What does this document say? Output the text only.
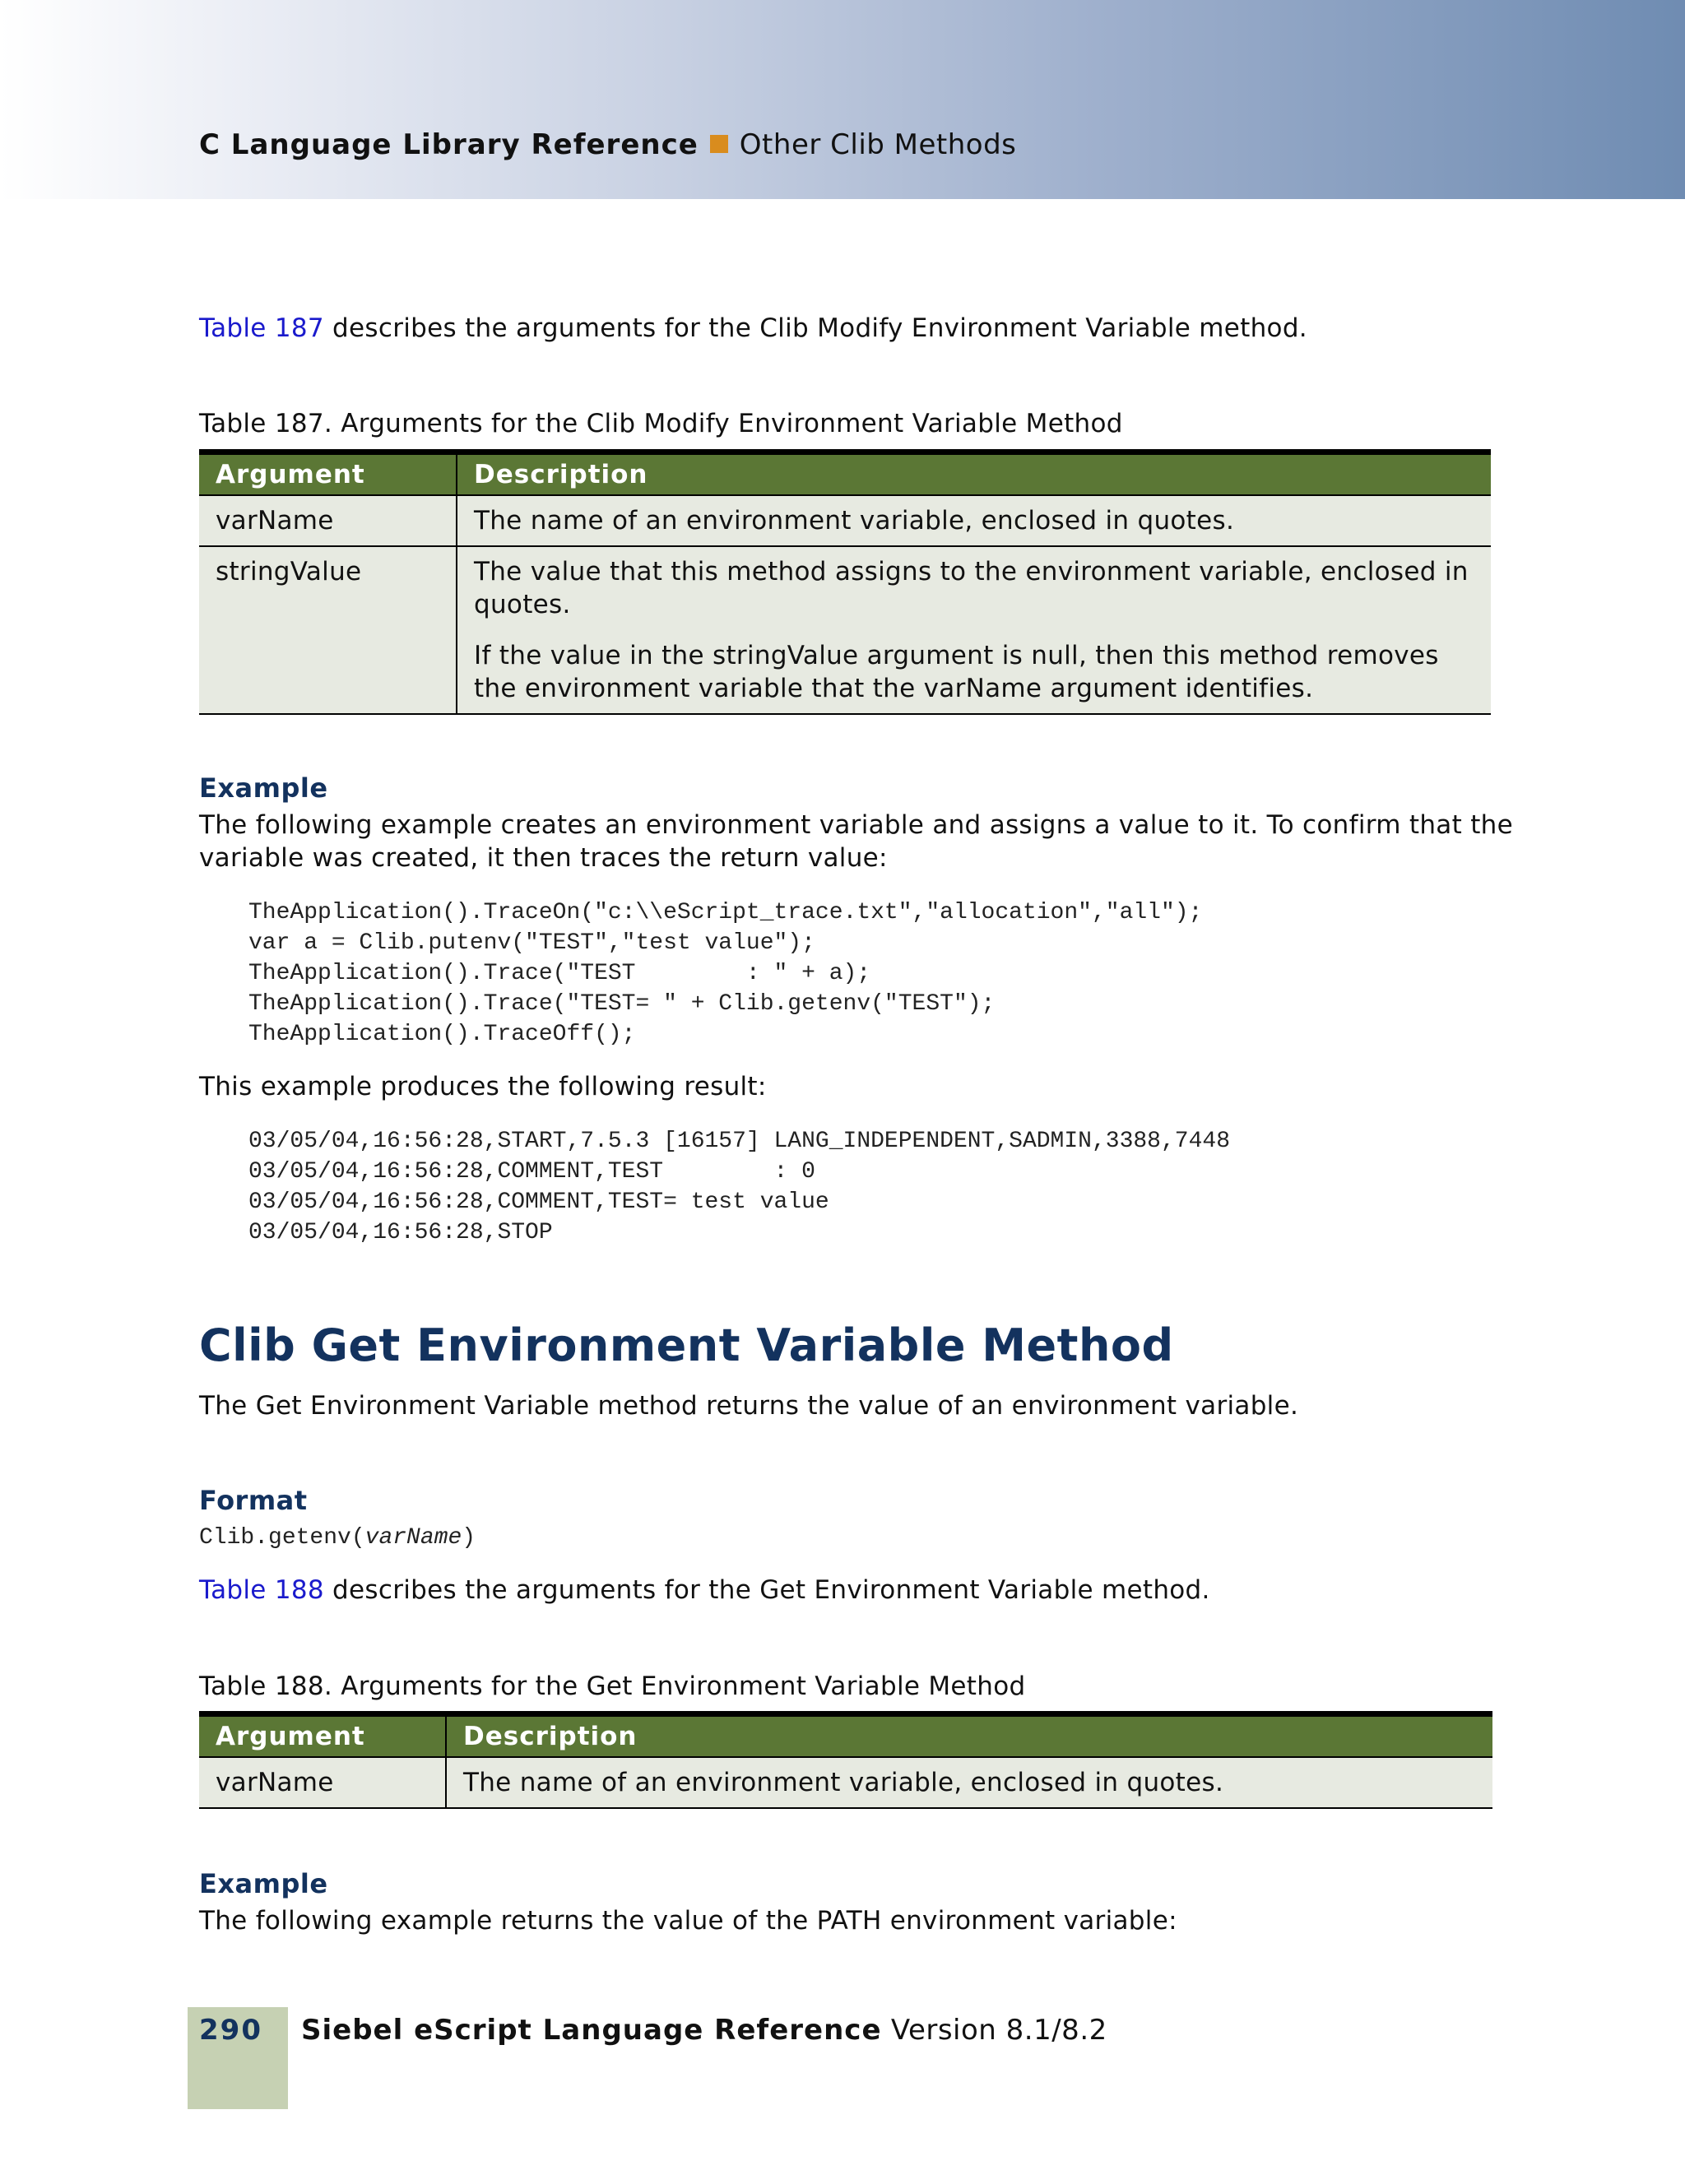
C Language Library Reference Other Clib Methods
Table 187 describes the arguments for the Clib Modify Environment Variable method.
Table 187. Arguments for the Clib Modify Environment Variable Method
Argument	Description
varName	The name of an environment variable, enclosed in quotes.

stringValue	The value that this method assigns to the environment variable, enclosed in quotes.

If the value in the stringValue argument is null, then this method removes the environment variable that the varName argument identifies.

Example
The following example creates an environment variable and assigns a value to it. To confirm that the
variable was created, it then traces the return value:
TheApplication().TraceOn("c:\\eScript_trace.txt","allocation","all");
var a = Clib.putenv("TEST","test value");
TheApplication().Trace("TEST        : " + a);
TheApplication().Trace("TEST= " + Clib.getenv("TEST");
TheApplication().TraceOff();
This example produces the following result:
03/05/04,16:56:28,START,7.5.3 [16157] LANG_INDEPENDENT,SADMIN,3388,7448
03/05/04,16:56:28,COMMENT,TEST        : 0
03/05/04,16:56:28,COMMENT,TEST= test value
03/05/04,16:56:28,STOP
Clib Get Environment Variable Method
The Get Environment Variable method returns the value of an environment variable.
Format
Clib.getenv(varName)
Table 188 describes the arguments for the Get Environment Variable method.
Table 188. Arguments for the Get Environment Variable Method
Argument	Description
varName	The name of an environment variable, enclosed in quotes.
Example
The following example returns the value of the PATH environment variable:
290 Siebel eScript Language Reference Version 8.1/8.2
